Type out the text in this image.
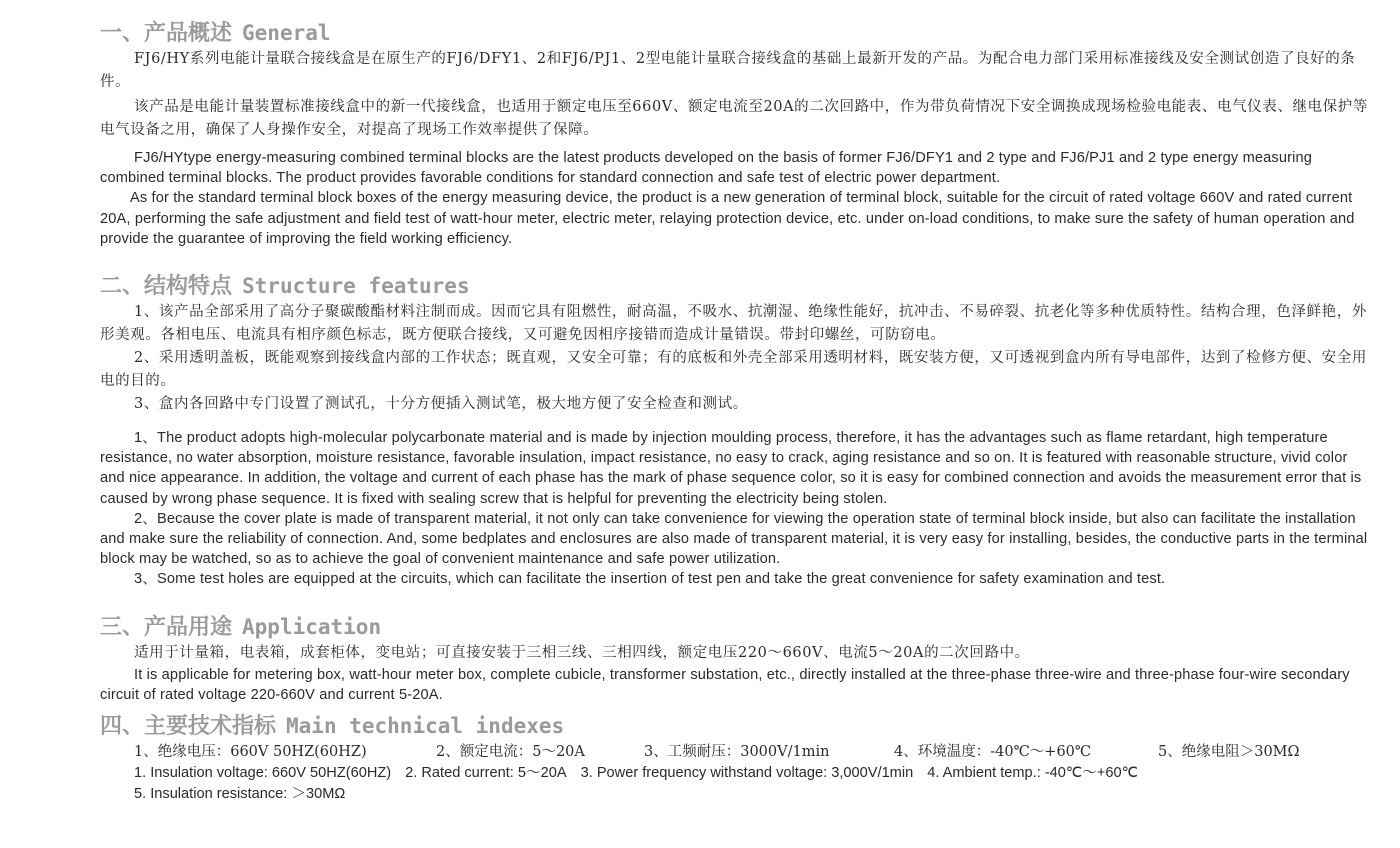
一、产品概述 General

FJ6/HY系列电能计量联合接线盒是在原生产的FJ6/DFY1、2和FJ6/PJ1、2型电能计量联合接线盒的基础上最新开发的产品。为配合电力部门采用标准接线及安全测试创造了良好的条件。

该产品是电能计量装置标准接线盒中的新一代接线盒，也适用于额定电压至660V、额定电流至20A的二次回路中，作为带负荷情况下安全调换成现场检验电能表、电气仪表、继电保护等电气设备之用，确保了人身操作安全，对提高了现场工作效率提供了保障。

FJ6/HYtype energy-measuring combined terminal blocks are the latest products developed on the basis of former FJ6/DFY1 and 2 type and FJ6/PJ1 and 2 type energy measuring combined terminal blocks. The product provides favorable conditions for standard connection and safe test of electric power department.

As for the standard terminal block boxes of the energy measuring device, the product is a new generation of terminal block, suitable for the circuit of rated voltage 660V and rated current 20A, performing the safe adjustment and field test of watt-hour meter, electric meter, relaying protection device, etc. under on-load conditions, to make sure the safety of human operation and provide the guarantee of improving the field working efficiency.

二、结构特点 Structure features

1、该产品全部采用了高分子聚碳酸酯材料注制而成。因而它具有阻燃性，耐高温，不吸水、抗潮湿、绝缘性能好，抗冲击、不易碎裂、抗老化等多种优质特性。结构合理，色泽鲜艳，外形美观。各相电压、电流具有相序颜色标志，既方便联合接线，又可避免因相序接错而造成计量错误。带封印螺丝，可防窃电。

2、采用透明盖板，既能观察到接线盒内部的工作状态；既直观，又安全可靠；有的底板和外壳全部采用透明材料，既安装方便，又可透视到盒内所有导电部件，达到了检修方便、安全用电的目的。

3、盒内各回路中专门设置了测试孔，十分方便插入测试笔，极大地方便了安全检查和测试。

1、The product adopts high-molecular polycarbonate material and is made by injection moulding process, therefore, it has the advantages such as flame retardant, high temperature resistance, no water absorption, moisture resistance, favorable insulation, impact resistance, no easy to crack, aging resistance and so on. It is featured with reasonable structure, vivid color and nice appearance. In addition, the voltage and current of each phase has the mark of phase sequence color, so it is easy for combined connection and avoids the measurement error that is caused by wrong phase sequence. It is fixed with sealing screw that is helpful for preventing the electricity being stolen.

2、Because the cover plate is made of transparent material, it not only can take convenience for viewing the operation state of terminal block inside, but also can facilitate the installation and make sure the reliability of connection. And, some bedplates and enclosures are also made of transparent material, it is very easy for installing, besides, the conductive parts in the terminal block may be watched, so as to achieve the goal of convenient maintenance and safe power utilization.

3、Some test holes are equipped at the circuits, which can facilitate the insertion of test pen and take the great convenience for safety examination and test.

三、产品用途 Application

适用于计量箱，电表箱，成套柜体，变电站；可直接安装于三相三线、三相四线，额定电压220～660V、电流5～20A的二次回路中。

It is applicable for metering box, watt-hour meter box, complete cubicle, transformer substation, etc., directly installed at the three-phase three-wire and three-phase four-wire secondary circuit of rated voltage 220-660V and current 5-20A.

四、主要技术指标 Main technical indexes
1、绝缘电压：660V 50HZ(60HZ)	2、额定电流：5～20A	3、工频耐压：3000V/1min	4、环境温度：-40℃～+60℃	5、绝缘电阻＞30MΩ
1. Insulation voltage: 660V 50HZ(60HZ) 2. Rated current: 5～20A 3. Power frequency withstand voltage: 3,000V/1min 4. Ambient temp.: -40℃～+60℃
5. Insulation resistance: ＞30MΩ
